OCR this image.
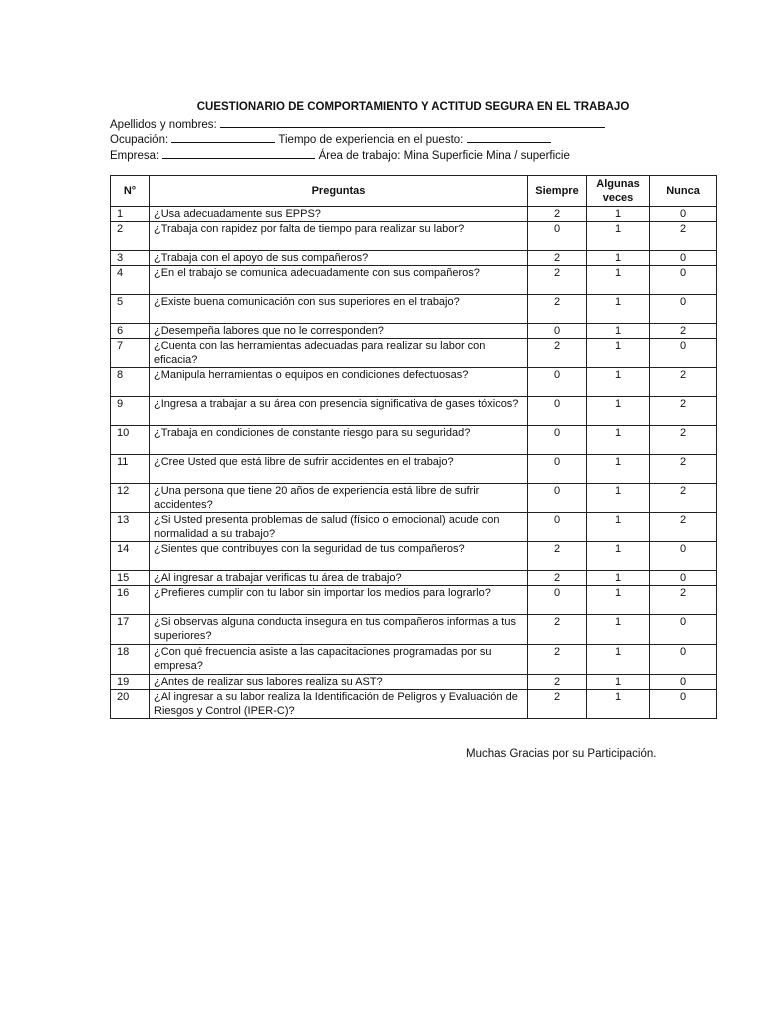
CUESTIONARIO DE COMPORTAMIENTO Y ACTITUD SEGURA EN EL TRABAJO
Apellidos y nombres:
Ocupación:	Tiempo de experiencia en el puesto:
Empresa:	Área de trabajo: Mina Superficie Mina / superficie
N°	Preguntas	Siempre	Algunas veces	Nunca
1	¿Usa adecuadamente sus EPPS?	2	1	0
2	¿Trabaja con rapidez por falta de tiempo para realizar su labor?	0	1	2
3	¿Trabaja con el apoyo de sus compañeros?	2	1	0
4	¿En el trabajo se comunica adecuadamente con sus compañeros?	2	1	0
5	¿Existe buena comunicación con sus superiores en el trabajo?	2	1	0
6	¿Desempeña labores que no le corresponden?	0	1	2
7	¿Cuenta con las herramientas adecuadas para realizar su labor con eficacia?	2	1	0
8	¿Manipula herramientas o equipos en condiciones defectuosas?	0	1	2
9	¿Ingresa a trabajar a su área con presencia significativa de gases tóxicos?	0	1	2
10	¿Trabaja en condiciones de constante riesgo para su seguridad?	0	1	2
11	¿Cree Usted que está libre de sufrir accidentes en el trabajo?	0	1	2
12	¿Una persona que tiene 20 años de experiencia está libre de sufrir accidentes?	0	1	2
13	¿Si Usted presenta problemas de salud (físico o emocional) acude con normalidad a su trabajo?	0	1	2
14	¿Sientes que contribuyes con la seguridad de tus compañeros?	2	1	0
15	¿Al ingresar a trabajar verificas tu área de trabajo?	2	1	0
16	¿Prefieres cumplir con tu labor sin importar los medios para lograrlo?	0	1	2
17	¿Si observas alguna conducta insegura en tus compañeros informas a tus superiores?	2	1	0
18	¿Con qué frecuencia asiste a las capacitaciones programadas por su empresa?	2	1	0
19	¿Antes de realizar sus labores realiza su AST?	2	1	0
20	¿Al ingresar a su labor realiza la Identificación de Peligros y Evaluación de Riesgos y Control (IPER-C)?	2	1	0
Muchas Gracias por su Participación.
